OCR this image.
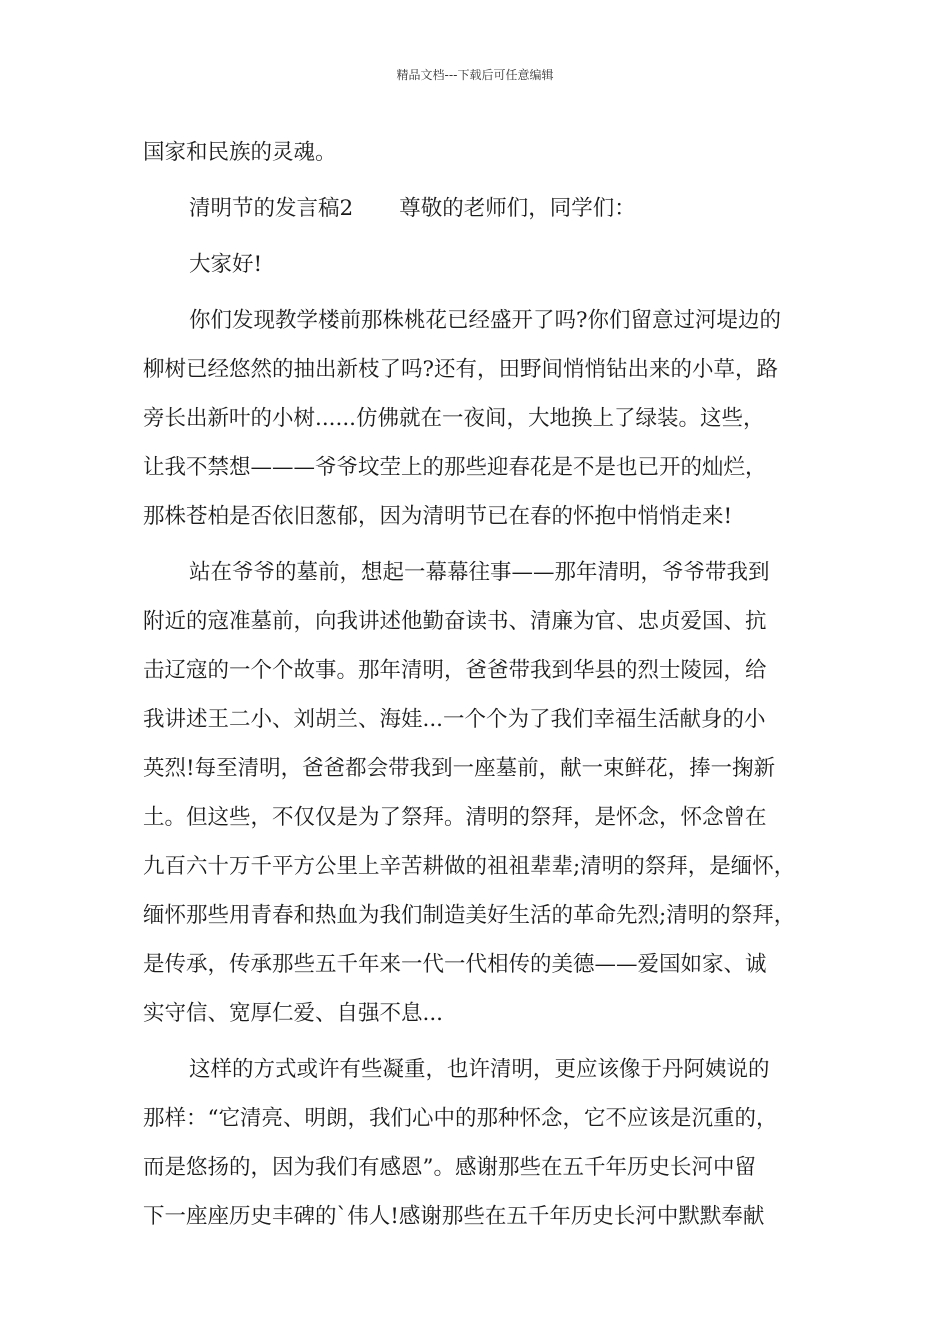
精品文档---下载后可任意编辑
国家和民族的灵魂。
清明节的发言稿2 尊敬的老师们，同学们：
大家好!
你们发现教学楼前那株桃花已经盛开了吗?你们留意过河堤边的
柳树已经悠然的抽出新枝了吗?还有，田野间悄悄钻出来的小草，路
旁长出新叶的小树......仿佛就在一夜间，大地换上了绿装。这些，
让我不禁想———爷爷坟茔上的那些迎春花是不是也已开的灿烂，
那株苍柏是否依旧葱郁，因为清明节已在春的怀抱中悄悄走来!
站在爷爷的墓前，想起一幕幕往事——那年清明，爷爷带我到
附近的寇准墓前，向我讲述他勤奋读书、清廉为官、忠贞爱国、抗
击辽寇的一个个故事。那年清明，爸爸带我到华县的烈士陵园，给
我讲述王二小、刘胡兰、海娃...一个个为了我们幸福生活献身的小
英烈!每至清明，爸爸都会带我到一座墓前，献一束鲜花，捧一掬新
土。但这些，不仅仅是为了祭拜。清明的祭拜，是怀念，怀念曾在
九百六十万千平方公里上辛苦耕做的祖祖辈辈;清明的祭拜，是缅怀，
缅怀那些用青春和热血为我们制造美好生活的革命先烈;清明的祭拜，
是传承，传承那些五千年来一代一代相传的美德——爱国如家、诚
实守信、宽厚仁爱、自强不息...
这样的方式或许有些凝重，也许清明，更应该像于丹阿姨说的
那样：“它清亮、明朗，我们心中的那种怀念，它不应该是沉重的，
而是悠扬的，因为我们有感恩”。感谢那些在五千年历史长河中留
下一座座历史丰碑的`伟人!感谢那些在五千年历史长河中默默奉献
